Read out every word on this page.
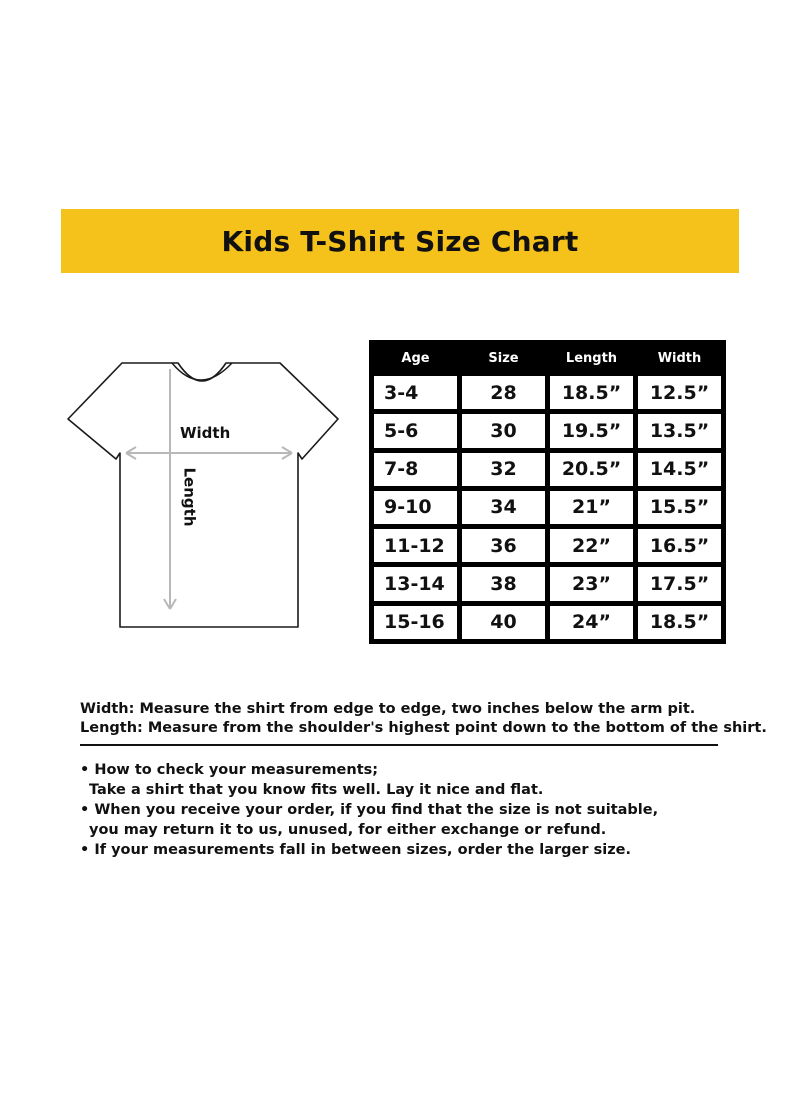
Kids T-Shirt Size Chart
Width
Length
Age	Size	Length	Width
3-4	28	18.5”	12.5”
5-6	30	19.5”	13.5”
7-8	32	20.5”	14.5”
9-10	34	21”	15.5”
11-12	36	22”	16.5”
13-14	38	23”	17.5”
15-16	40	24”	18.5”
Width: Measure the shirt from edge to edge, two inches below the arm pit.
Length: Measure from the shoulder's highest point down to the bottom of the shirt.
• How to check your measurements;
Take a shirt that you know fits well. Lay it nice and flat.
• When you receive your order, if you find that the size is not suitable,
you may return it to us, unused, for either exchange or refund.
• If your measurements fall in between sizes, order the larger size.
